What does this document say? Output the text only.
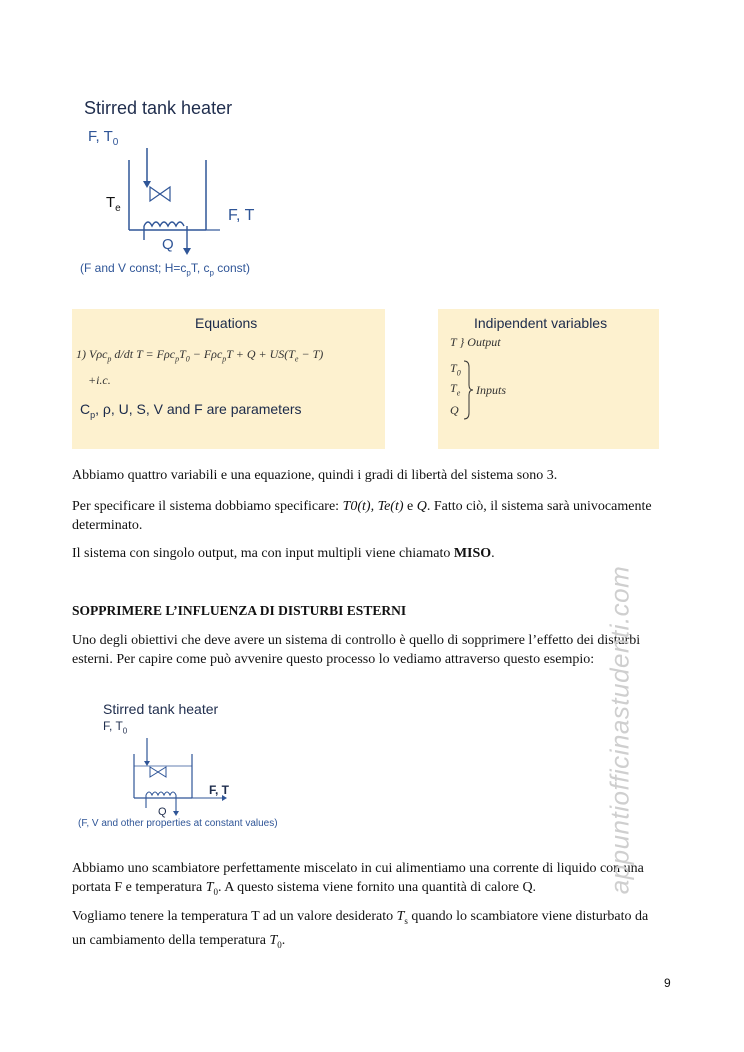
Stirred tank heater
F, $T_0$
$T_e$	F, T
Q
(F and V const; $H=c_pT$, $c_p$ const)
Equations
1) Vρc$_p$ d/dt $T = F\rho c_pT_0 - F\rho c_pT + Q + US(T_e - T)$
+i.c.
$C_p$, ρ, U, S, V and F are parameters
Indipendent variables
T } Output
$T_0$
$T_e$
Q
Inputs
Abbiamo quattro variabili e una equazione, quindi i gradi di libertà del sistema sono 3.
Per specificare il sistema dobbiamo specificare: T0(t), Te(t) e Q. Fatto ciò, il sistema sarà univocamente determinato.
Il sistema con singolo output, ma con input multipli viene chiamato MISO.
SOPPRIMERE L’INFLUENZA DI DISTURBI ESTERNI
Uno degli obiettivi che deve avere un sistema di controllo è quello di sopprimere l’effetto dei disturbi esterni. Per capire come può avvenire questo processo lo vediamo attraverso questo esempio:
Stirred tank heater
F, $T_0$
F, T
Q
(F, V and other properties at constant values)
Abbiamo uno scambiatore perfettamente miscelato in cui alimentiamo una corrente di liquido con una portata F e temperatura $T_0$. A questo sistema viene fornito una quantità di calore Q.
Vogliamo tenere la temperatura T ad un valore desiderato $T_s$ quando lo scambiatore viene disturbato da un cambiamento della temperatura $T_0$.
appuntiofficinastudenti.com
9
